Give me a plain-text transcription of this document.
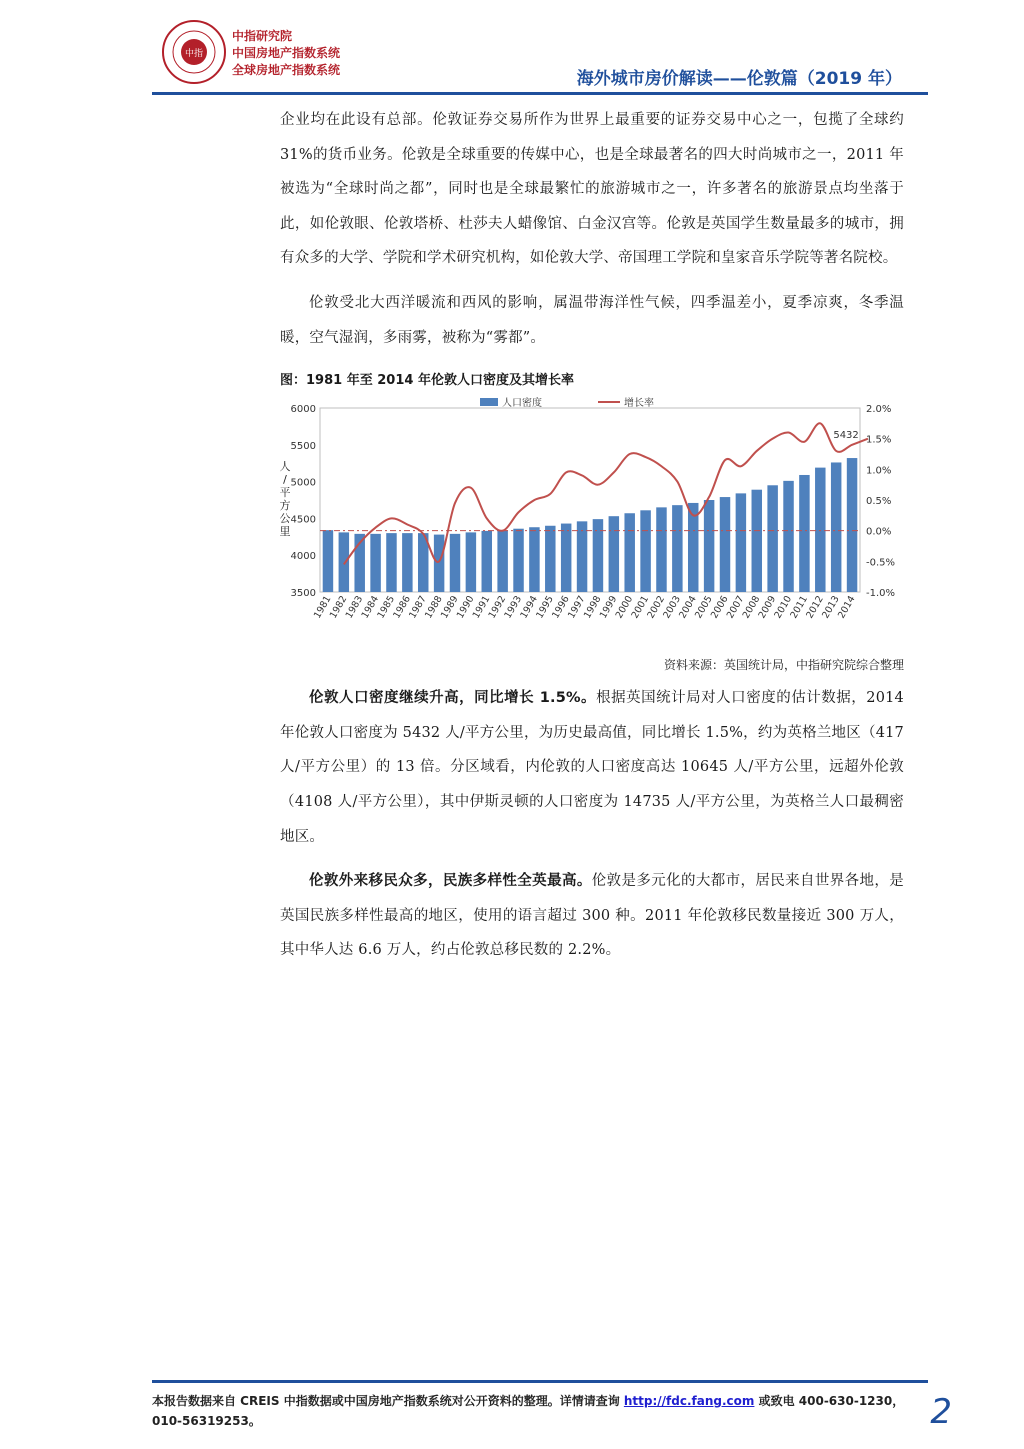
中指
中指研究院
中国房地产指数系统
全球房地产指数系统	海外城市房价解读——伦敦篇（2019 年）

企业均在此设有总部。伦敦证券交易所作为世界上最重要的证券交易中心之一，包揽了全球约 31%的货币业务。伦敦是全球重要的传媒中心，也是全球最著名的四大时尚城市之一，2011 年被选为“全球时尚之都”，同时也是全球最繁忙的旅游城市之一，许多著名的旅游景点均坐落于此，如伦敦眼、伦敦塔桥、杜莎夫人蜡像馆、白金汉宫等。伦敦是英国学生数量最多的城市，拥有众多的大学、学院和学术研究机构，如伦敦大学、帝国理工学院和皇家音乐学院等著名院校。

伦敦受北大西洋暖流和西风的影响，属温带海洋性气候，四季温差小，夏季凉爽，冬季温暖，空气湿润，多雨雾，被称为“雾都”。

图：1981 年至 2014 年伦敦人口密度及其增长率
3500
4000
4500
5000
5500
6000
-1.0%
-0.5%
0.0%
0.5%
1.0%
1.5%
2.0%
人
/
平
方
公
里
1981
1982
1983
1984
1985
1986
1987
1988
1989
1990
1991
1992
1993
1994
1995
1996
1997
1998
1999
2000
2001
2002
2003
2004
2005
2006
2007
2008
2009
2010
2011
2012
2013
2014
5432
人口密度	增长率
资料来源：英国统计局，中指研究院综合整理

伦敦人口密度继续升高，同比增长 1.5%。根据英国统计局对人口密度的估计数据，2014 年伦敦人口密度为 5432 人/平方公里，为历史最高值，同比增长 1.5%，约为英格兰地区（417 人/平方公里）的 13 倍。分区域看，内伦敦的人口密度高达 10645 人/平方公里，远超外伦敦（4108 人/平方公里），其中伊斯灵顿的人口密度为 14735 人/平方公里，为英格兰人口最稠密地区。

伦敦外来移民众多，民族多样性全英最高。伦敦是多元化的大都市，居民来自世界各地，是英国民族多样性最高的地区，使用的语言超过 300 种。2011 年伦敦移民数量接近 300 万人，其中华人达 6.6 万人，约占伦敦总移民数的 2.2%。

本报告数据来自 CREIS 中指数据或中国房地产指数系统对公开资料的整理。详情请查询 http://fdc.fang.com 或致电 400-630-1230，010-56319253。	2
